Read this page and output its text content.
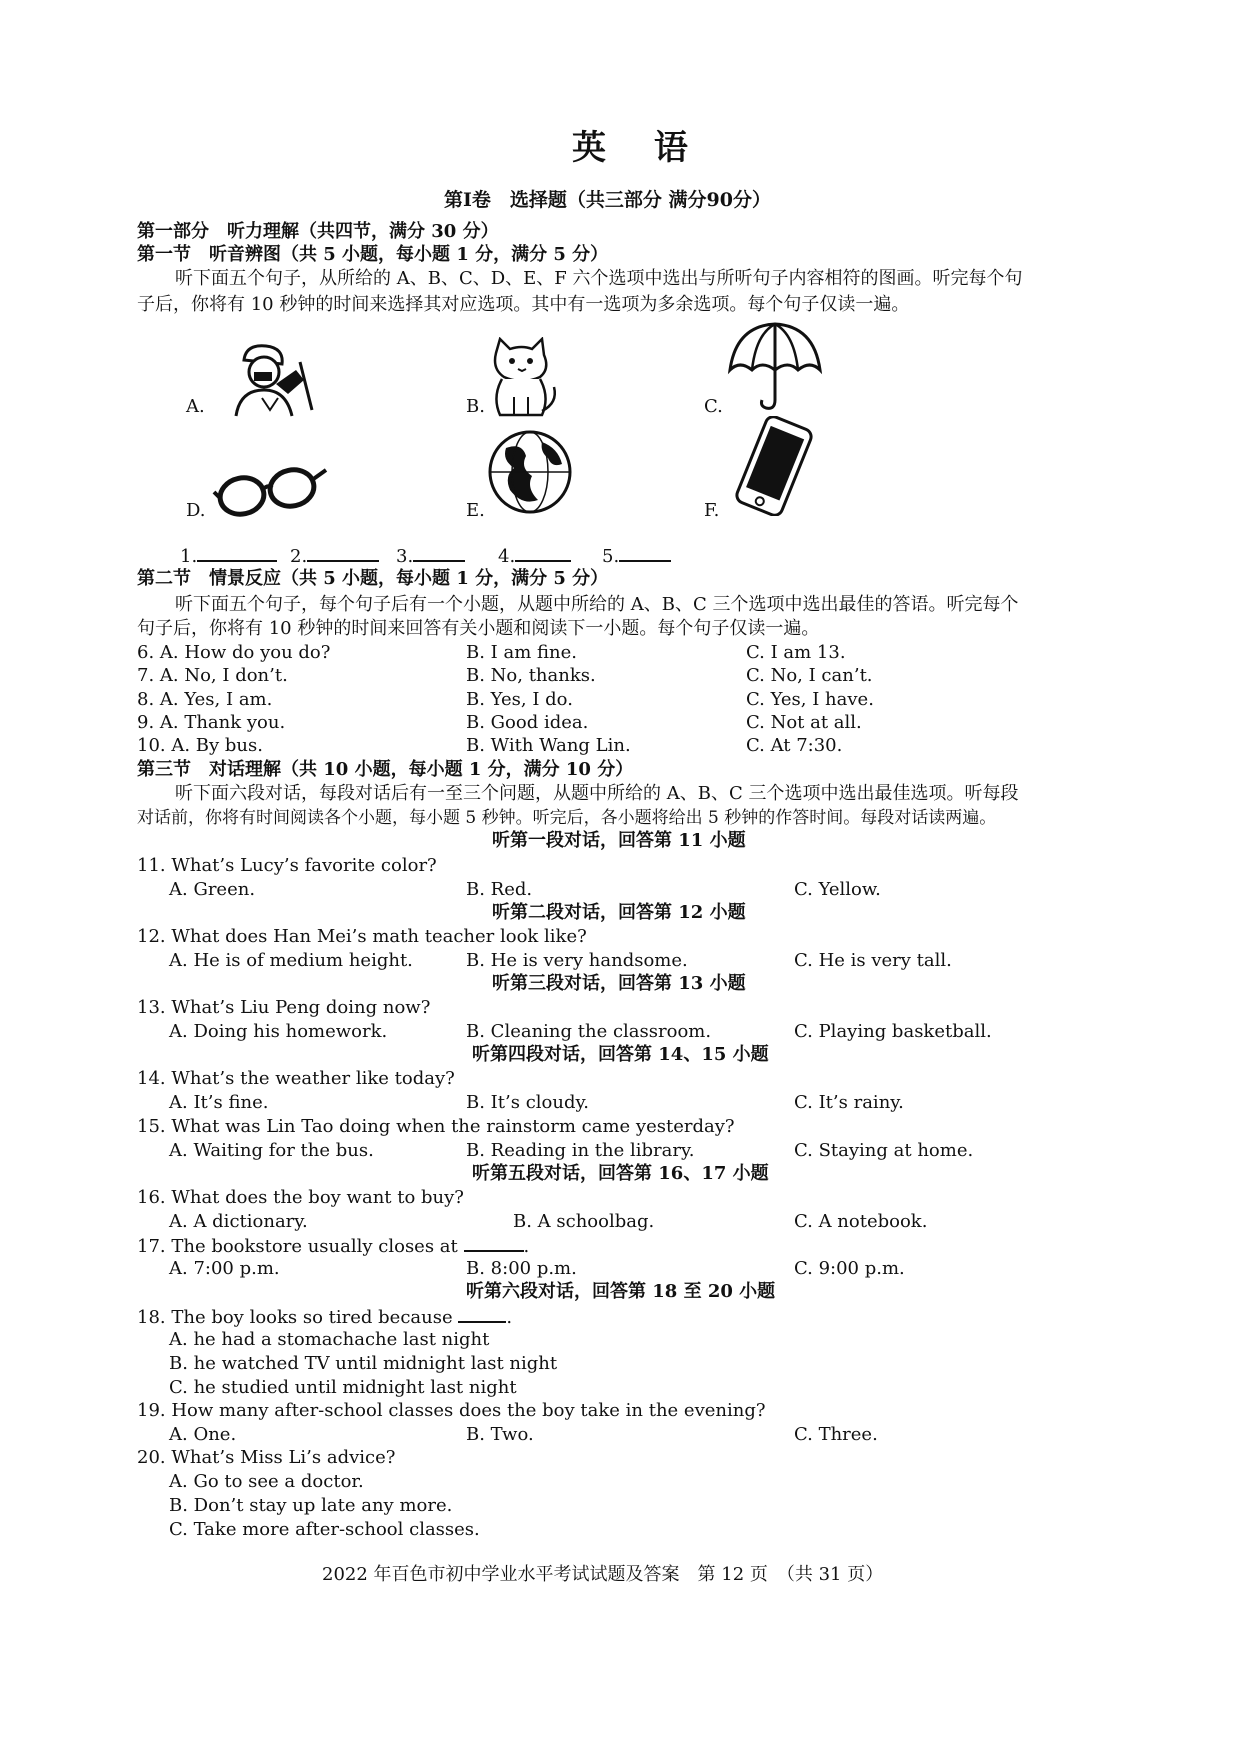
英 语
第Ⅰ卷　选择题（共三部分 满分90分）
第一部分　听力理解（共四节，满分 30 分）
第一节　听音辨图（共 5 小题，每小题 1 分，满分 5 分）
听下面五个句子，从所给的 A、B、C、D、E、F 六个选项中选出与所听句子内容相符的图画。听完每个句
子后，你将有 10 秒钟的时间来选择其对应选项。其中有一选项为多余选项。每个句子仅读一遍。
A.	B.	C.
D.	E.	F.
1.	2.	3.	4.	5.
第二节　情景反应（共 5 小题，每小题 1 分，满分 5 分）
听下面五个句子，每个句子后有一个小题，从题中所给的 A、B、C 三个选项中选出最佳的答语。听完每个
句子后，你将有 10 秒钟的时间来回答有关小题和阅读下一小题。每个句子仅读一遍。
6. A. How do you do?	B. I am fine.	C. I am 13.
7. A. No, I don’t.	B. No, thanks.	C. No, I can’t.
8. A. Yes, I am.	B. Yes, I do.	C. Yes, I have.
9. A. Thank you.	B. Good idea.	C. Not at all.
10. A. By bus.	B. With Wang Lin.	C. At 7:30.
第三节　对话理解（共 10 小题，每小题 1 分，满分 10 分）
听下面六段对话，每段对话后有一至三个问题，从题中所给的 A、B、C 三个选项中选出最佳选项。听每段
对话前，你将有时间阅读各个小题，每小题 5 秒钟。听完后，各小题将给出 5 秒钟的作答时间。每段对话读两遍。
听第一段对话，回答第 11 小题
11. What’s Lucy’s favorite color?
A. Green.	B. Red.	C. Yellow.
听第二段对话，回答第 12 小题
12. What does Han Mei’s math teacher look like?
A. He is of medium height.	B. He is very handsome.	C. He is very tall.
听第三段对话，回答第 13 小题
13. What’s Liu Peng doing now?
A. Doing his homework.	B. Cleaning the classroom.	C. Playing basketball.
听第四段对话，回答第 14、15 小题
14. What’s the weather like today?
A. It’s fine.	B. It’s cloudy.	C. It’s rainy.
15. What was Lin Tao doing when the rainstorm came yesterday?
A. Waiting for the bus.	B. Reading in the library.	C. Staying at home.
听第五段对话，回答第 16、17 小题
16. What does the boy want to buy?
A. A dictionary.	B. A schoolbag.	C. A notebook.
17. The bookstore usually closes at	.
A. 7:00 p.m.	B. 8:00 p.m.	C. 9:00 p.m.
听第六段对话，回答第 18 至 20 小题
18. The boy looks so tired because	.
A. he had a stomachache last night
B. he watched TV until midnight last night
C. he studied until midnight last night
19. How many after-school classes does the boy take in the evening?
A. One.	B. Two.	C. Three.
20. What’s Miss Li’s advice?
A. Go to see a doctor.
B. Don’t stay up late any more.
C. Take more after-school classes.
2022 年百色市初中学业水平考试试题及答案　第 12 页　（共 31 页）
